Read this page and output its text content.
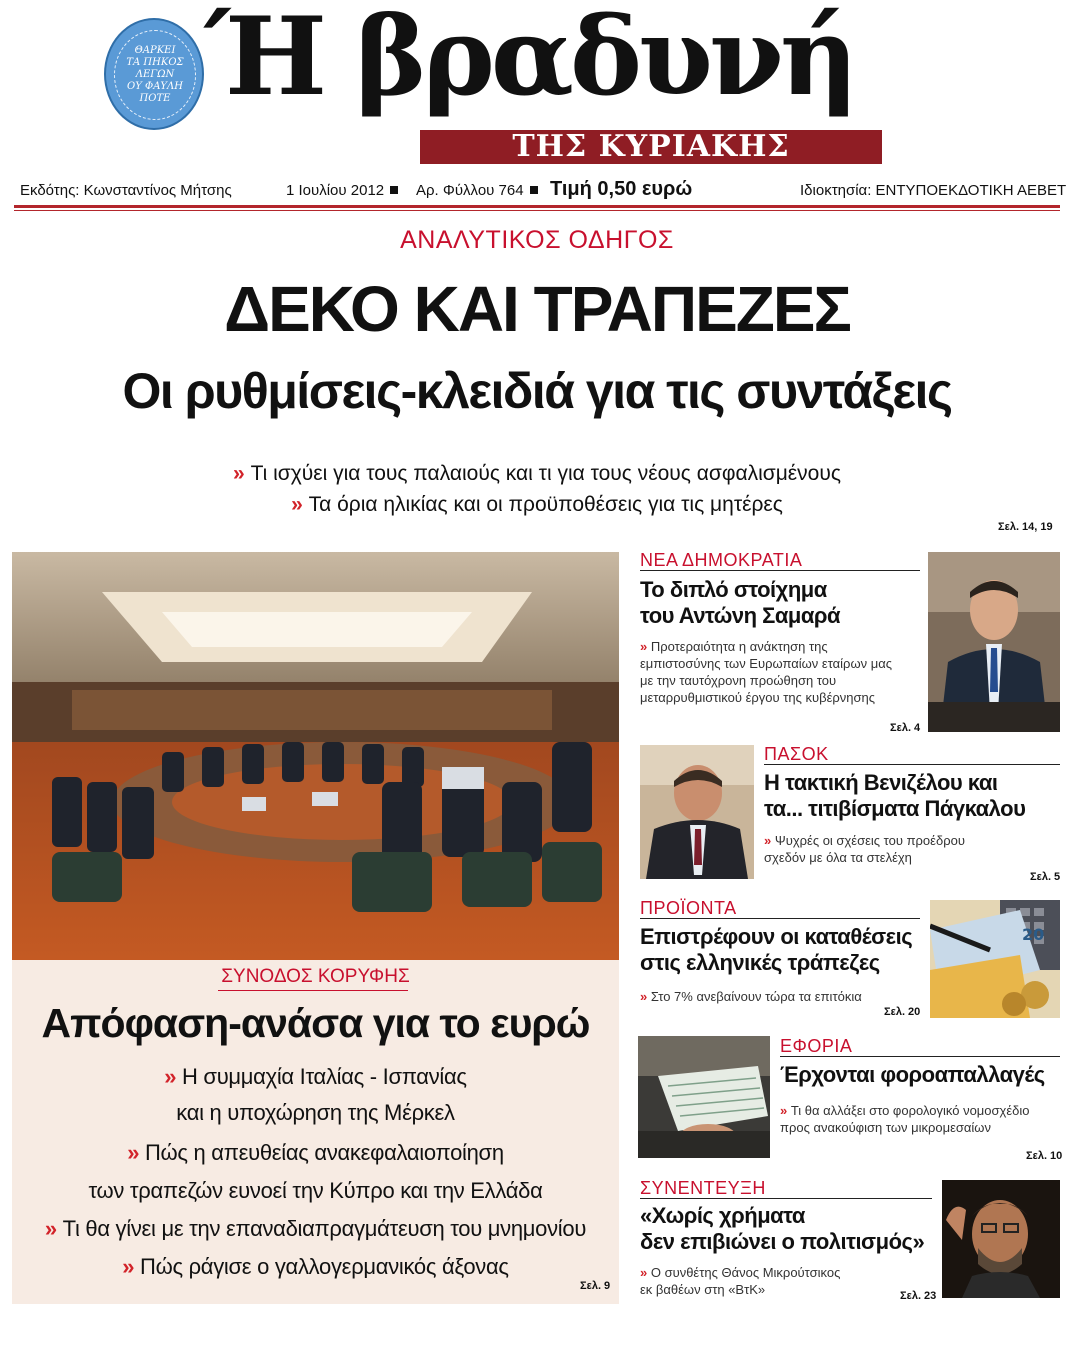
ΘΑΡΚΕΙ
ΤΑ ΠΗΚΟΣ
ΛΕΓΩΝ
ΟΥ ΦΑΥΛΗ
ΠΟΤΕ Ή βραδυνή
ΤΗΣ ΚΥΡΙΑΚΗΣ
Εκδότης: Κωνσταντίνος Μήτσης	1 Ιουλίου 2012 Αρ. Φύλλου 764 Τιμή 0,50 ευρώ	Ιδιοκτησία: ΕΝΤΥΠΟΕΚΔΟΤΙΚΗ ΑΕΒΕΤ
ΑΝΑΛΥΤΙΚΟΣ ΟΔΗΓΟΣ
ΔΕΚΟ ΚΑΙ ΤΡΑΠΕΖΕΣ
Οι ρυθμίσεις-κλειδιά για τις συντάξεις
» Τι ισχύει για τους παλαιούς και τι για τους νέους ασφαλισμένους
» Τα όρια ηλικίας και οι προϋποθέσεις για τις μητέρες
Σελ. 14, 19
ΣΥΝΟΔΟΣ ΚΟΡΥΦΗΣ
Απόφαση-ανάσα για το ευρώ
» Η συμμαχία Ιταλίας - Ισπανίας
και η υποχώρηση της Μέρκελ
» Πώς η απευθείας ανακεφαλαιοποίηση
των τραπεζών ευνοεί την Κύπρο και την Ελλάδα
» Τι θα γίνει με την επαναδιαπραγμάτευση του μνημονίου
» Πώς ράγισε ο γαλλογερμανικός άξονας
Σελ. 9
ΝΕΑ ΔΗΜΟΚΡΑΤΙΑ
Το διπλό στοίχημα
του Αντώνη Σαμαρά
» Προτεραιότητα η ανάκτηση της
εμπιστοσύνης των Ευρωπαίων εταίρων μας
με την ταυτόχρονη προώθηση του
μεταρρυθμιστικού έργου της κυβέρνησης
Σελ. 4
ΠΑΣΟΚ
Η τακτική Βενιζέλου και
τα... τιτιβίσματα Πάγκαλου
» Ψυχρές οι σχέσεις του προέδρου
σχεδόν με όλα τα στελέχη
Σελ. 5
ΠΡΟΪΟΝΤΑ
Επιστρέφουν οι καταθέσεις
στις ελληνικές τράπεζες
» Στο 7% ανεβαίνουν τώρα τα επιτόκια
Σελ. 20
20
ΕΦΟΡΙΑ
Έρχονται φοροαπαλλαγές
» Τι θα αλλάξει στο φορολογικό νομοσχέδιο
προς ανακούφιση των μικρομεσαίων
Σελ. 10
ΣΥΝΕΝΤΕΥΞΗ
«Χωρίς χρήματα
δεν επιβιώνει ο πολιτισμός»
» Ο συνθέτης Θάνος Μικρούτσικος
εκ βαθέων στη «ΒτΚ»	Σελ. 23
